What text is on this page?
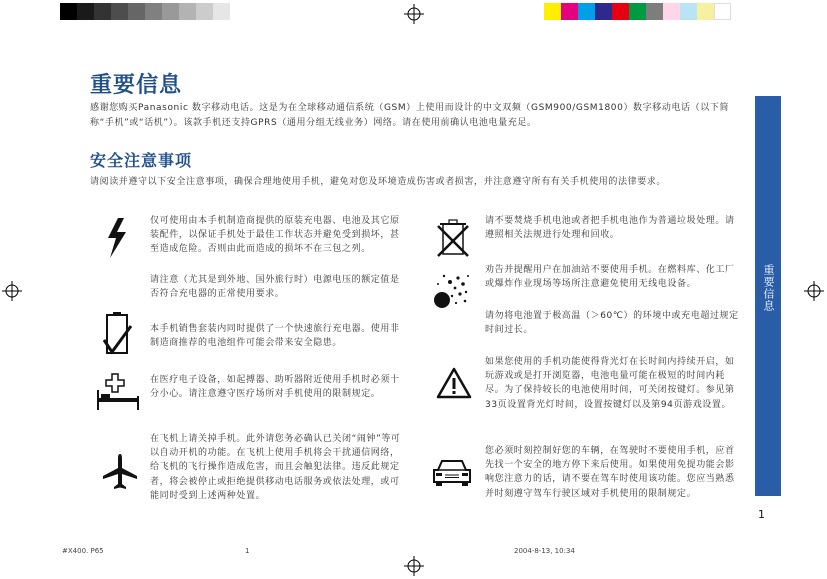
重要信息
感谢您购买Panasonic 数字移动电话。这是为在全球移动通信系统（GSM）上使用而设计的中文双频（GSM900/GSM1800）数字移动电话（以下简称“手机”或“话机”）。该款手机还支持GPRS（通用分组无线业务）网络。请在使用前确认电池电量充足。
安全注意事项
请阅读并遵守以下安全注意事项，确保合理地使用手机，避免对您及环境造成伤害或者损害，并注意遵守所有有关手机使用的法律要求。
仅可使用由本手机制造商提供的原装充电器、电池及其它原装配件，以保证手机处于最佳工作状态并避免受到损坏，甚至造成危险。否则由此而造成的损坏不在三包之列。
请注意（尤其是到外地、国外旅行时）电源电压的额定值是否符合充电器的正常使用要求。
本手机销售套装内同时提供了一个快速旅行充电器。使用非制造商推荐的电池组件可能会带来安全隐患。
在医疗电子设备，如起搏器、助听器附近使用手机时必须十分小心。请注意遵守医疗场所对手机使用的限制规定。
在飞机上请关掉手机。此外请您务必确认已关闭“闹钟”等可以自动开机的功能。在飞机上使用手机将会干扰通信网络，给飞机的飞行操作造成危害，而且会触犯法律。违反此规定者，将会被停止或拒绝提供移动电话服务或依法处理，或可能同时受到上述两种处置。
请不要焚烧手机电池或者把手机电池作为普通垃圾处理。请遵照相关法规进行处理和回收。
劝告并提醒用户在加油站不要使用手机。在燃料库、化工厂或爆炸作业现场等场所注意避免使用无线电设备。
请勿将电池置于极高温（＞60℃）的环境中或充电超过规定时间过长。
如果您使用的手机功能使得背光灯在长时间内持续开启，如玩游戏或是打开浏览器，电池电量可能在极短的时间内耗尽。为了保持较长的电池使用时间，可关闭按键灯。参见第33页设置背光灯时间，设置按键灯以及第94页游戏设置。
您必须时刻控制好您的车辆，在驾驶时不要使用手机，应首先找一个安全的地方停下来后使用。如果使用免提功能会影响您注意力的话，请不要在驾车时使用该功能。您应当熟悉并时刻遵守驾车行驶区域对手机使用的限制规定。
重要信息
1
#X400. P65	1	2004-8-13, 10:34
